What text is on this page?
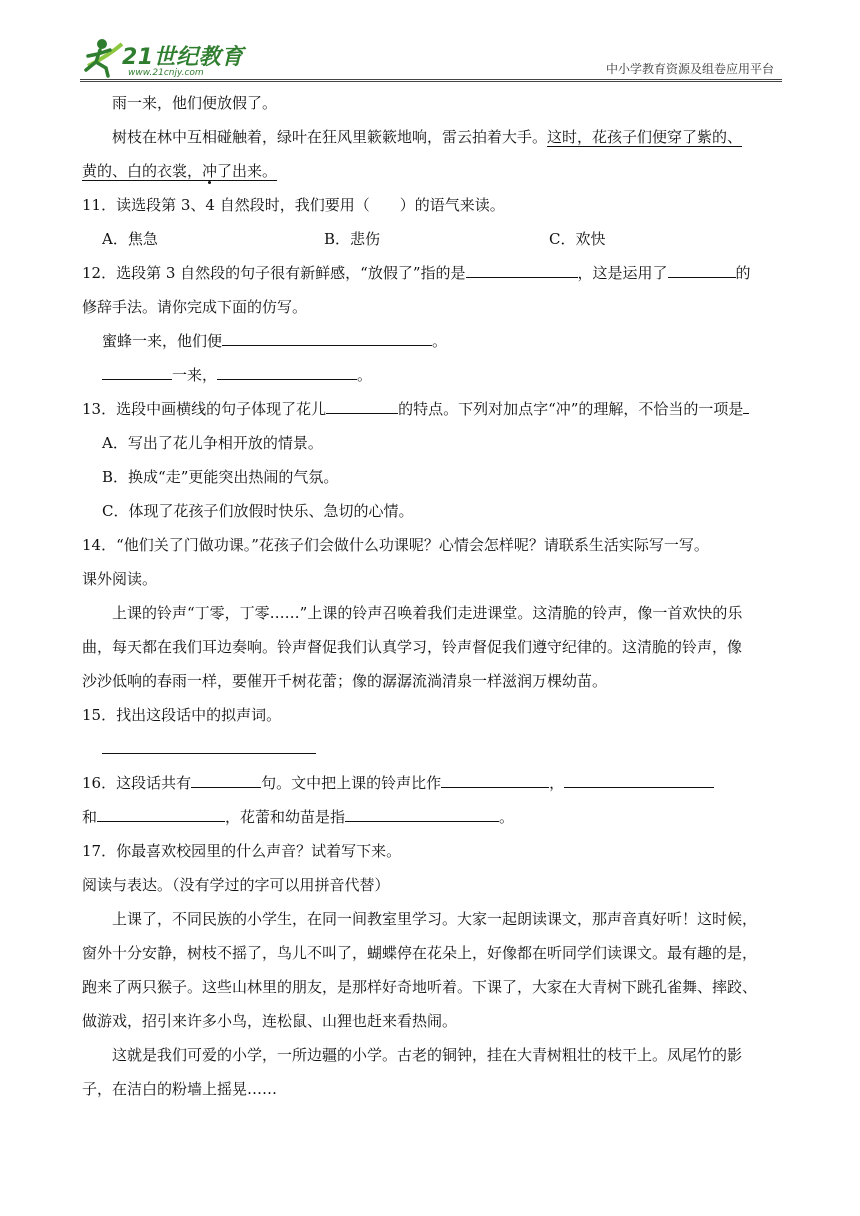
21世纪教育
www.21cnjy.com	中小学教育资源及组卷应用平台

雨一来，他们便放假了。

树枝在林中互相碰触着，绿叶在狂风里簌簌地响，雷云拍着大手。这时，花孩子们便穿了紫的、

黄的、白的衣裳，冲了出来。

11．读选段第 3、4 自然段时，我们要用（　　）的语气来读。

A．焦急	B．悲伤	C．欢快

12．选段第 3 自然段的句子很有新鲜感，“放假了”指的是	，这是运用了	的

修辞手法。请你完成下面的仿写。

蜜蜂一来，他们便	。

一来，	。

13．选段中画横线的句子体现了花儿	的特点。下列对加点字“冲”的理解，不恰当的一项是

A．写出了花儿争相开放的情景。

B．换成“走”更能突出热闹的气氛。

C．体现了花孩子们放假时快乐、急切的心情。

14．“他们关了门做功课。”花孩子们会做什么功课呢？心情会怎样呢？请联系生活实际写一写。

课外阅读。

上课的铃声“丁零，丁零……”上课的铃声召唤着我们走进课堂。这清脆的铃声，像一首欢快的乐

曲，每天都在我们耳边奏响。铃声督促我们认真学习，铃声督促我们遵守纪律的。这清脆的铃声，像

沙沙低响的春雨一样，要催开千树花蕾；像的潺潺流淌清泉一样滋润万棵幼苗。

15．找出这段话中的拟声词。

16．这段话共有	句。文中把上课的铃声比作	，

和	，花蕾和幼苗是指	。

17．你最喜欢校园里的什么声音？试着写下来。

阅读与表达。（没有学过的字可以用拼音代替）

上课了，不同民族的小学生，在同一间教室里学习。大家一起朗读课文，那声音真好听！这时候，

窗外十分安静，树枝不摇了，鸟儿不叫了，蝴蝶停在花朵上，好像都在听同学们读课文。最有趣的是，

跑来了两只猴子。这些山林里的朋友，是那样好奇地听着。下课了，大家在大青树下跳孔雀舞、摔跤、

做游戏，招引来许多小鸟，连松鼠、山狸也赶来看热闹。

这就是我们可爱的小学，一所边疆的小学。古老的铜钟，挂在大青树粗壮的枝干上。凤尾竹的影

子，在洁白的粉墙上摇晃……
